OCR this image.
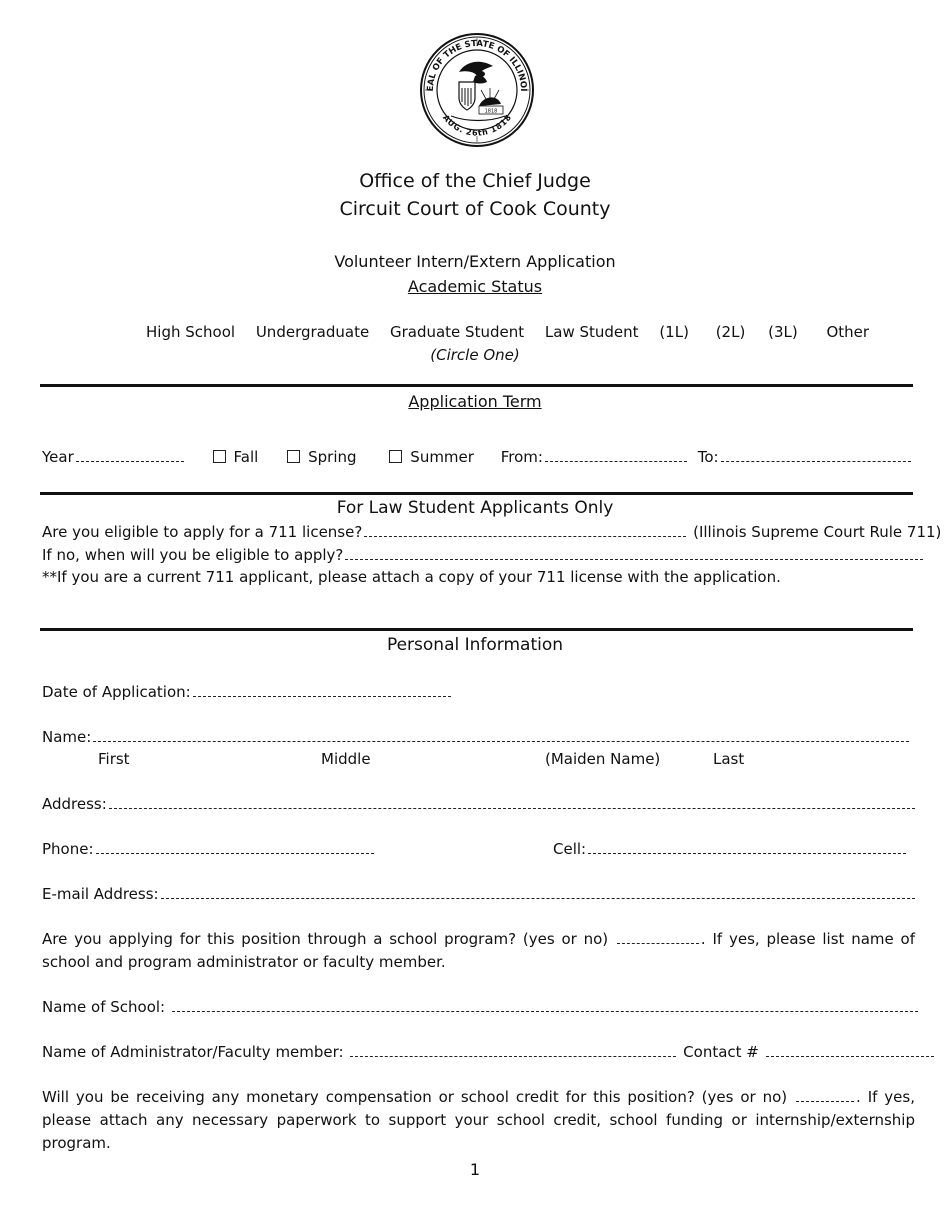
EAL OF THE STATE OF ILLINOI
AUG. 26th 1818
1868
1818
Office of the Chief Judge
Circuit Court of Cook County
Volunteer Intern/Extern Application
Academic Status
High School Undergraduate Graduate Student Law Student (1L) (2L) (3L) Other
(Circle One)
Application Term
Year	Fall	Spring	Summer From:	To:
For Law Student Applicants Only
Are you eligible to apply for a 711 license?	(Illinois Supreme Court Rule 711)
If no, when will you be eligible to apply?
**If you are a current 711 applicant, please attach a copy of your 711 license with the application.
Personal Information
Date of Application:
Name:
First	Middle	(Maiden Name)	Last
Address:
Phone:	Cell:
E-mail Address:
Are you applying for this position through a school program? (yes or no)	. If yes, please list name of school and program administrator or faculty member.
Name of School:
Name of Administrator/Faculty member:	Contact #
Will you be receiving any monetary compensation or school credit for this position? (yes or no)	. If yes, please attach any necessary paperwork to support your school credit, school funding or internship/externship program.
1
